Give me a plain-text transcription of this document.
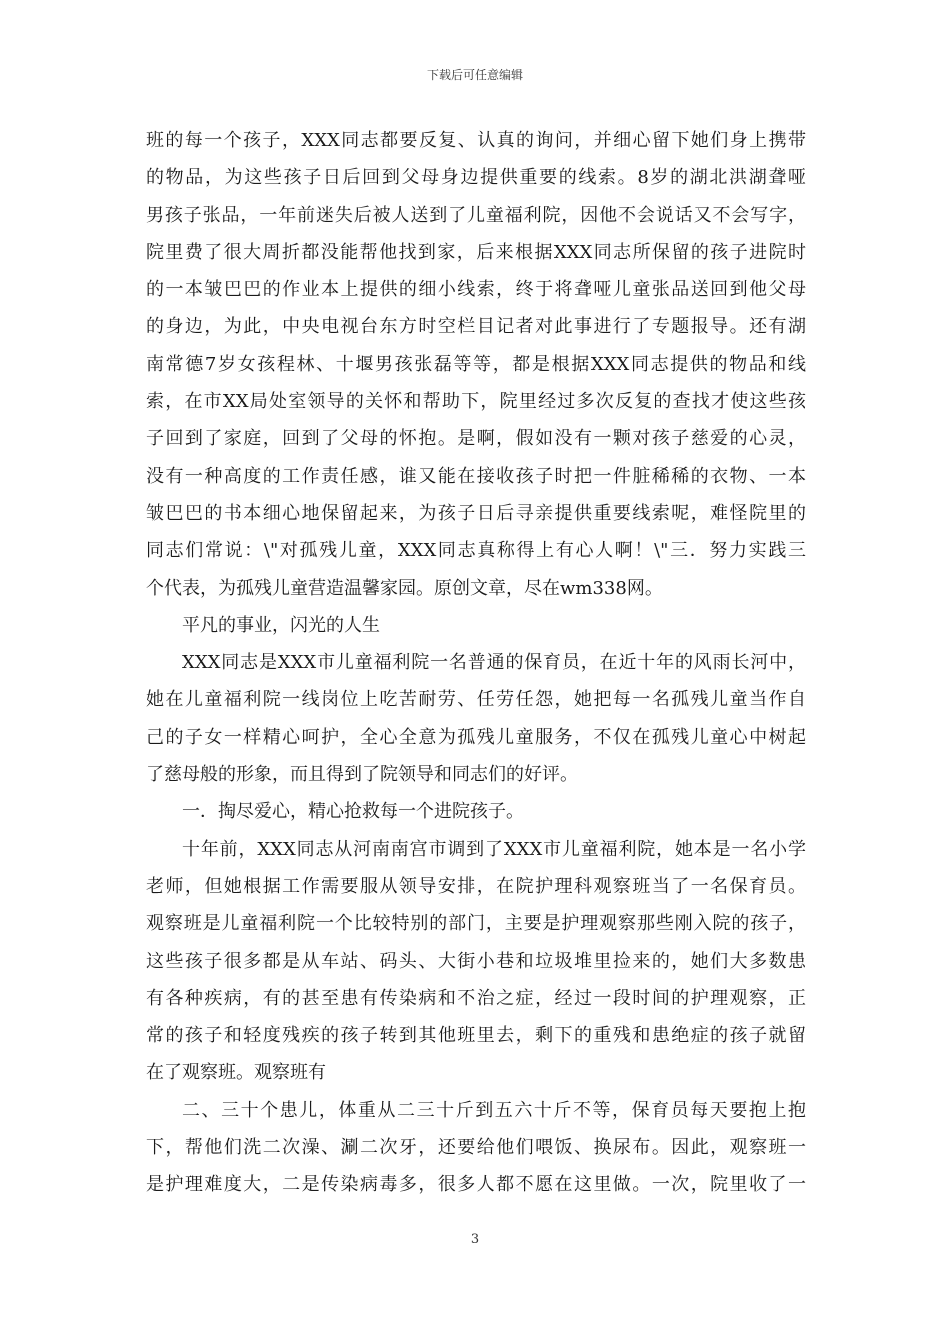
下载后可任意编辑
班的每一个孩子，XXX同志都要反复、认真的询问，并细心留下她们身上携带
的物品，为这些孩子日后回到父母身边提供重要的线索。8岁的湖北洪湖聋哑
男孩子张品，一年前迷失后被人送到了儿童福利院，因他不会说话又不会写字，
院里费了很大周折都没能帮他找到家，后来根据XXX同志所保留的孩子进院时
的一本皱巴巴的作业本上提供的细小线索，终于将聋哑儿童张品送回到他父母
的身边，为此，中央电视台东方时空栏目记者对此事进行了专题报导。还有湖
南常德7岁女孩程林、十堰男孩张磊等等，都是根据XXX同志提供的物品和线
索，在市XX局处室领导的关怀和帮助下，院里经过多次反复的查找才使这些孩
子回到了家庭，回到了父母的怀抱。是啊，假如没有一颗对孩子慈爱的心灵，
没有一种高度的工作责任感，谁又能在接收孩子时把一件脏稀稀的衣物、一本
皱巴巴的书本细心地保留起来，为孩子日后寻亲提供重要线索呢，难怪院里的
同志们常说：\"对孤残儿童，XXX同志真称得上有心人啊！\"三．努力实践三
个代表，为孤残儿童营造温馨家园。原创文章，尽在wm338网。
平凡的事业，闪光的人生
XXX同志是XXX市儿童福利院一名普通的保育员，在近十年的风雨长河中，
她在儿童福利院一线岗位上吃苦耐劳、任劳任怨，她把每一名孤残儿童当作自
己的子女一样精心呵护，全心全意为孤残儿童服务，不仅在孤残儿童心中树起
了慈母般的形象，而且得到了院领导和同志们的好评。
一．掏尽爱心，精心抢救每一个进院孩子。
十年前，XXX同志从河南南宫市调到了XXX市儿童福利院，她本是一名小学
老师，但她根据工作需要服从领导安排，在院护理科观察班当了一名保育员。
观察班是儿童福利院一个比较特别的部门，主要是护理观察那些刚入院的孩子，
这些孩子很多都是从车站、码头、大街小巷和垃圾堆里捡来的，她们大多数患
有各种疾病，有的甚至患有传染病和不治之症，经过一段时间的护理观察，正
常的孩子和轻度残疾的孩子转到其他班里去，剩下的重残和患绝症的孩子就留
在了观察班。观察班有
二、三十个患儿，体重从二三十斤到五六十斤不等，保育员每天要抱上抱
下，帮他们洗二次澡、涮二次牙，还要给他们喂饭、换尿布。因此，观察班一
是护理难度大，二是传染病毒多，很多人都不愿在这里做。一次，院里收了一
3
